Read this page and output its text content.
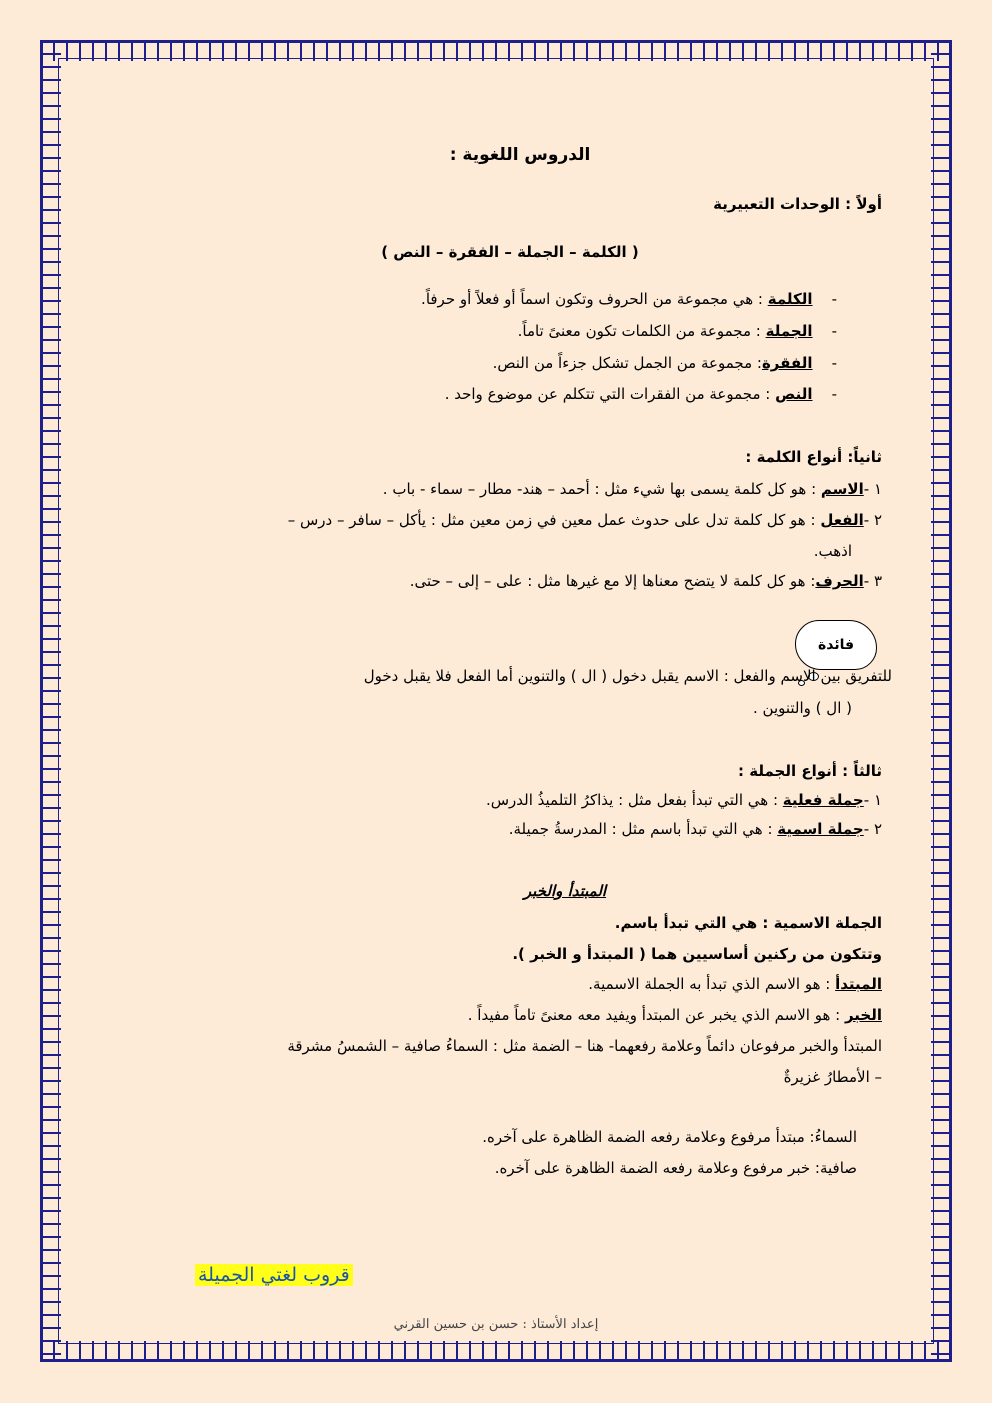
الدروس اللغوية :
أولاً : الوحدات التعبيرية
( الكلمة – الجملة – الفقرة – النص )
-    الكلمة : هي مجموعة من الحروف وتكون اسماً أو فعلاً أو حرفاً.
-    الجملة : مجموعة من الكلمات تكون معنىً تاماً.
-    الفقرة: مجموعة من الجمل تشكل جزءاً من النص.
-    النص : مجموعة من الفقرات التي تتكلم عن موضوع واحد .
ثانياً: أنواع الكلمة :
١ -الاسم : هو كل كلمة يسمى بها شيء مثل : أحمد – هند- مطار – سماء - باب .
٢ -الفعل : هو كل كلمة تدل على حدوث عمل معين في زمن معين مثل : يأكل – سافر – درس –
اذهب.
٣ -الحرف: هو كل كلمة لا يتضح معناها إلا مع غيرها مثل : على – إلى – حتى.
فائدة
للتفريق بين الاسم والفعل : الاسم يقبل دخول ( ال ) والتنوين أما الفعل فلا يقبل دخول
( ال ) والتنوين .
ثالثاً : أنواع الجملة :
١ -جملة فعلية : هي التي تبدأ بفعل مثل : يذاكرُ التلميذُ الدرس.
٢ -جملة اسمية : هي التي تبدأ باسم مثل : المدرسةُ جميلة.
المبتدأ والخبر
الجملة الاسمية : هي التي تبدأ باسم.
وتتكون من ركنين أساسيين هما ( المبتدأ و الخبر ).
المبتدأ : هو الاسم الذي تبدأ به الجملة الاسمية.
الخبر : هو الاسم الذي يخبر عن المبتدأ ويفيد معه معنىً تاماً مفيداً .
المبتدأ والخبر مرفوعان دائماً وعلامة رفعهما- هنا – الضمة مثل : السماءُ صافية – الشمسُ مشرقة
– الأمطارُ غزيرةٌ
السماءُ: مبتدأ مرفوع وعلامة رفعه الضمة الظاهرة على آخره.
صافية: خبر مرفوع وعلامة رفعه الضمة الظاهرة على آخره.
قروب لغتي الجميلة
إعداد الأستاذ : حسن بن حسين القرني
